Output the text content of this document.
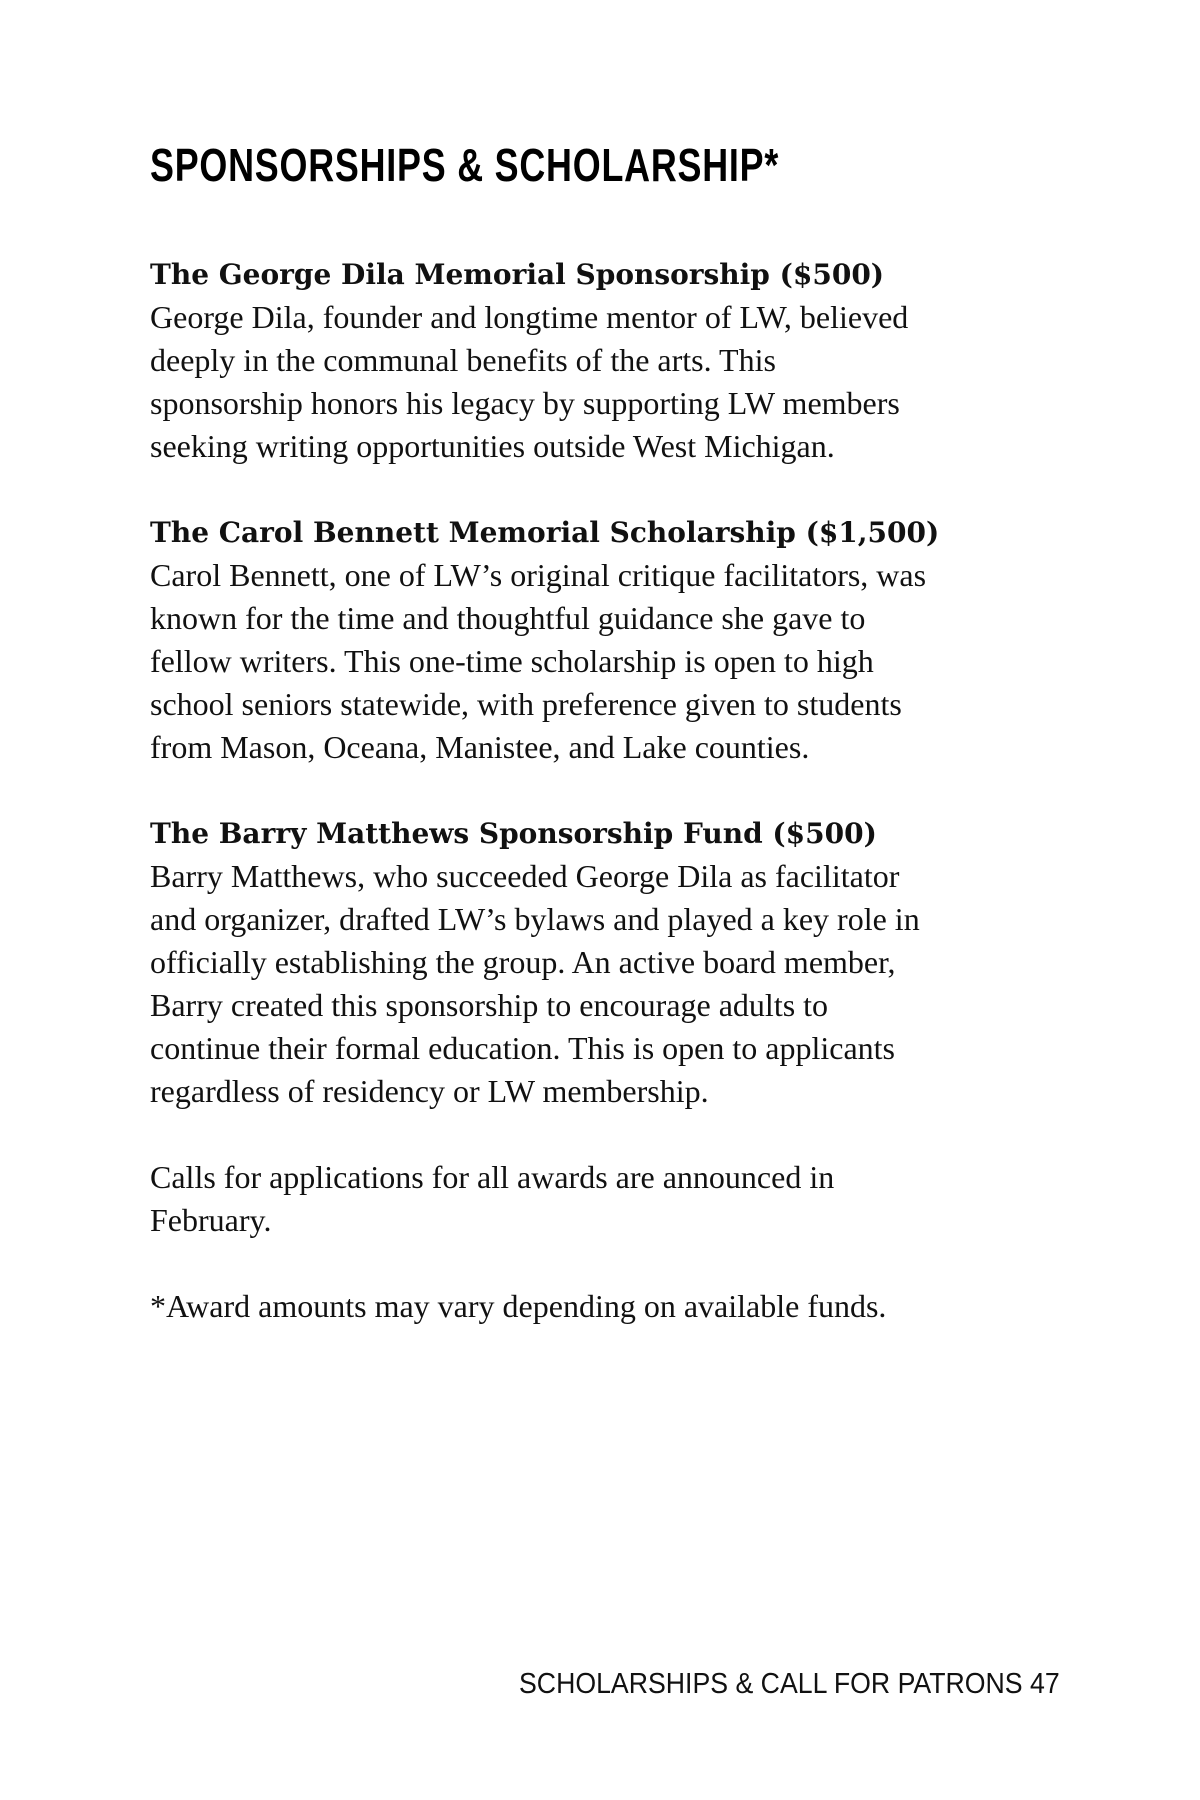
SPONSORSHIPS & SCHOLARSHIP*

The George Dila Memorial Sponsorship ($500)

George Dila, founder and longtime mentor of LW, believed
deeply in the communal benefits of the arts. This
sponsorship honors his legacy by supporting LW members
seeking writing opportunities outside West Michigan.

The Carol Bennett Memorial Scholarship ($1,500)

Carol Bennett, one of LW’s original critique facilitators, was
known for the time and thoughtful guidance she gave to
fellow writers. This one-time scholarship is open to high
school seniors statewide, with preference given to students
from Mason, Oceana, Manistee, and Lake counties.

The Barry Matthews Sponsorship Fund ($500)

Barry Matthews, who succeeded George Dila as facilitator
and organizer, drafted LW’s bylaws and played a key role in
officially establishing the group. An active board member,
Barry created this sponsorship to encourage adults to
continue their formal education. This is open to applicants
regardless of residency or LW membership.

Calls for applications for all awards are announced in
February.

*Award amounts may vary depending on available funds.

SCHOLARSHIPS & CALL FOR PATRONS 47
